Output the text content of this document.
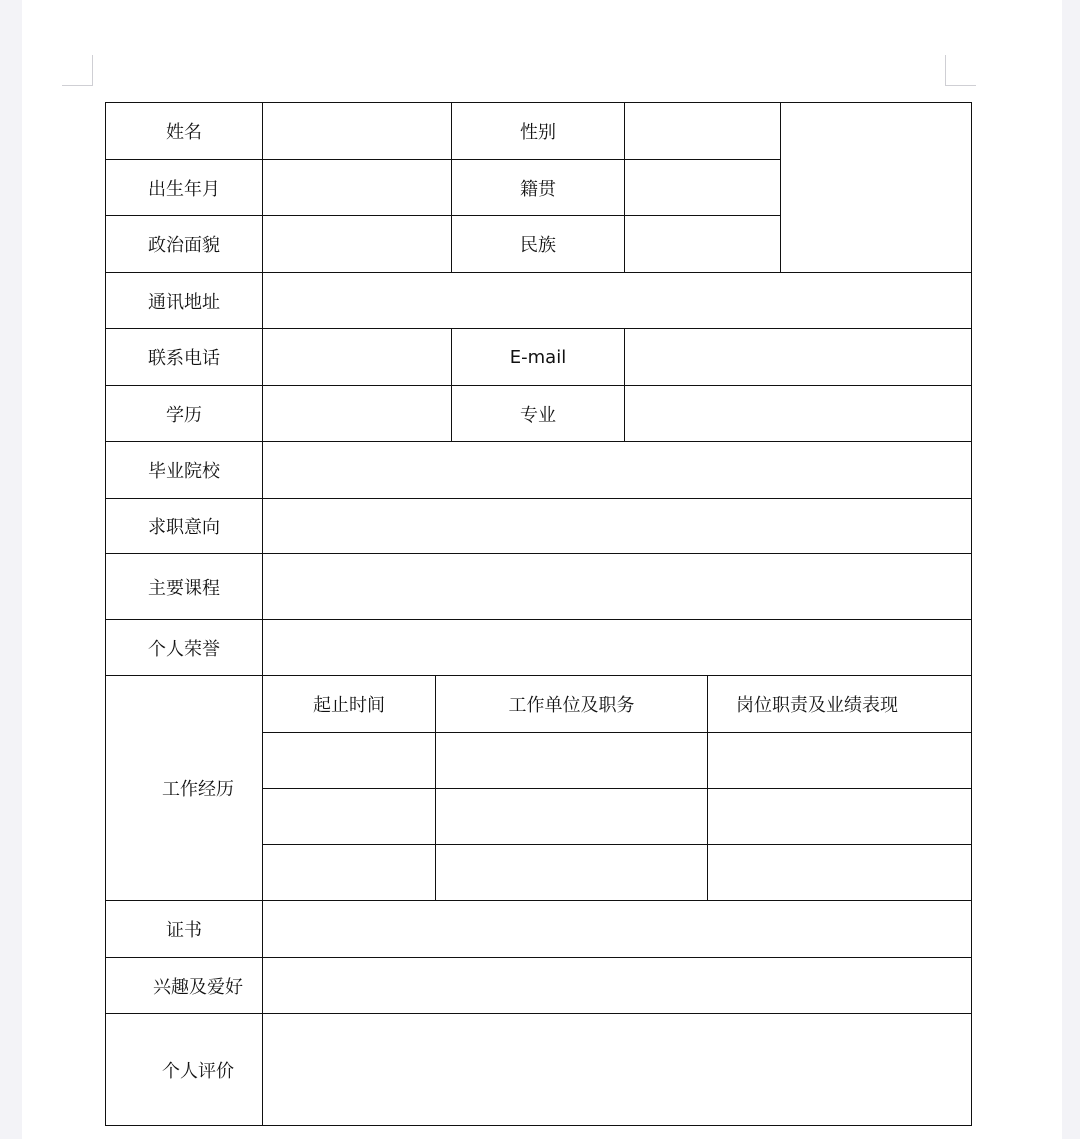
姓名			性别			
出生年月			籍贯			
政治面貌			民族			
通讯地址						
联系电话			E-mail			
学历			专业			
毕业院校						
求职意向						
主要课程						
个人荣誉						
工作经历	起止时间	工作单位及职务			岗位职责及业绩表现	

证书						
兴趣及爱好						
个人评价						
